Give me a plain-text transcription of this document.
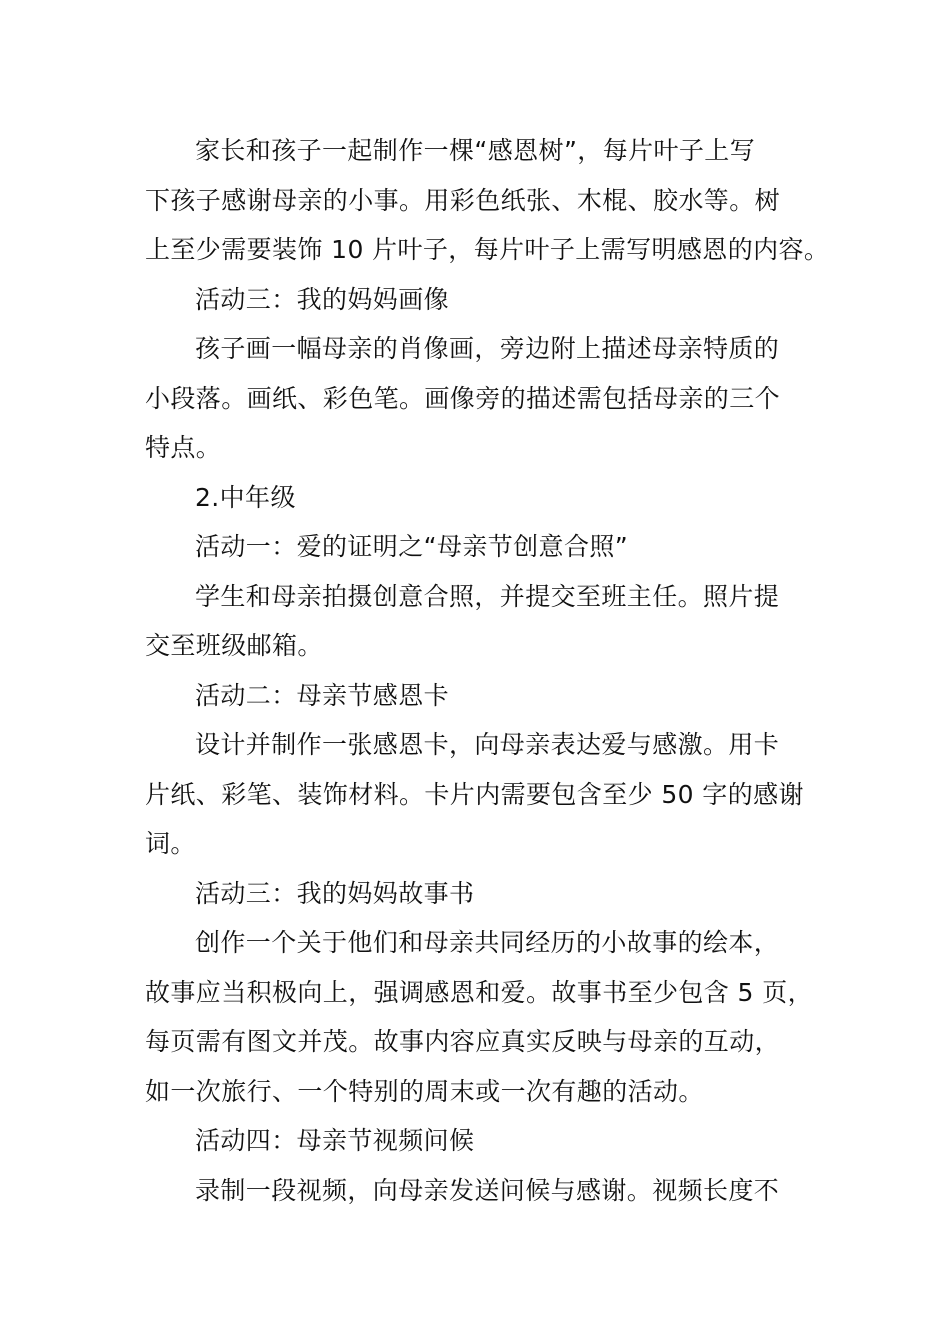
家长和孩子一起制作一棵“感恩树”，每片叶子上写
下孩子感谢母亲的小事。用彩色纸张、木棍、胶水等。树
上至少需要装饰 10 片叶子，每片叶子上需写明感恩的内容。

活动三：我的妈妈画像

孩子画一幅母亲的肖像画，旁边附上描述母亲特质的
小段落。画纸、彩色笔。画像旁的描述需包括母亲的三个
特点。

2.中年级

活动一：爱的证明之“母亲节创意合照”

学生和母亲拍摄创意合照，并提交至班主任。照片提
交至班级邮箱。

活动二：母亲节感恩卡

设计并制作一张感恩卡，向母亲表达爱与感激。用卡
片纸、彩笔、装饰材料。卡片内需要包含至少 50 字的感谢
词。

活动三：我的妈妈故事书

创作一个关于他们和母亲共同经历的小故事的绘本，
故事应当积极向上，强调感恩和爱。故事书至少包含 5 页，
每页需有图文并茂。故事内容应真实反映与母亲的互动，
如一次旅行、一个特别的周末或一次有趣的活动。

活动四：母亲节视频问候

录制一段视频，向母亲发送问候与感谢。视频长度不
